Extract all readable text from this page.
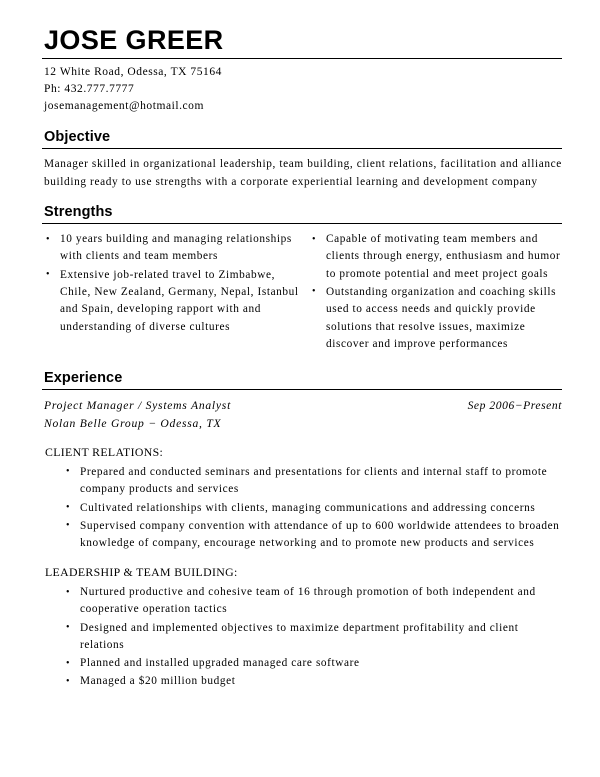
JOSE GREER
12 White Road, Odessa, TX 75164
Ph: 432.777.7777
josemanagement@hotmail.com
Objective
Manager skilled in organizational leadership, team building, client relations, facilitation and alliance building ready to use strengths with a corporate experiential learning and development company
Strengths
• 10 years building and managing relationships with clients and team members
• Extensive job-related travel to Zimbabwe, Chile, New Zealand, Germany, Nepal, Istanbul and Spain, developing rapport with and understanding of diverse cultures
• Capable of motivating team members and clients through energy, enthusiasm and humor to promote potential and meet project goals
• Outstanding organization and coaching skills used to access needs and quickly provide solutions that resolve issues, maximize discover and improve performances
Experience
Project Manager / Systems Analyst	Sep 2006−Present
Nolan Belle Group − Odessa, TX
CLIENT RELATIONS:
• Prepared and conducted seminars and presentations for clients and internal staff to promote company products and services
• Cultivated relationships with clients, managing communications and addressing concerns
• Supervised company convention with attendance of up to 600 worldwide attendees to broaden knowledge of company, encourage networking and to promote new products and services
LEADERSHIP & TEAM BUILDING:
• Nurtured productive and cohesive team of 16 through promotion of both independent and cooperative operation tactics
• Designed and implemented objectives to maximize department profitability and client relations
• Planned and installed upgraded managed care software
• Managed a $20 million budget
